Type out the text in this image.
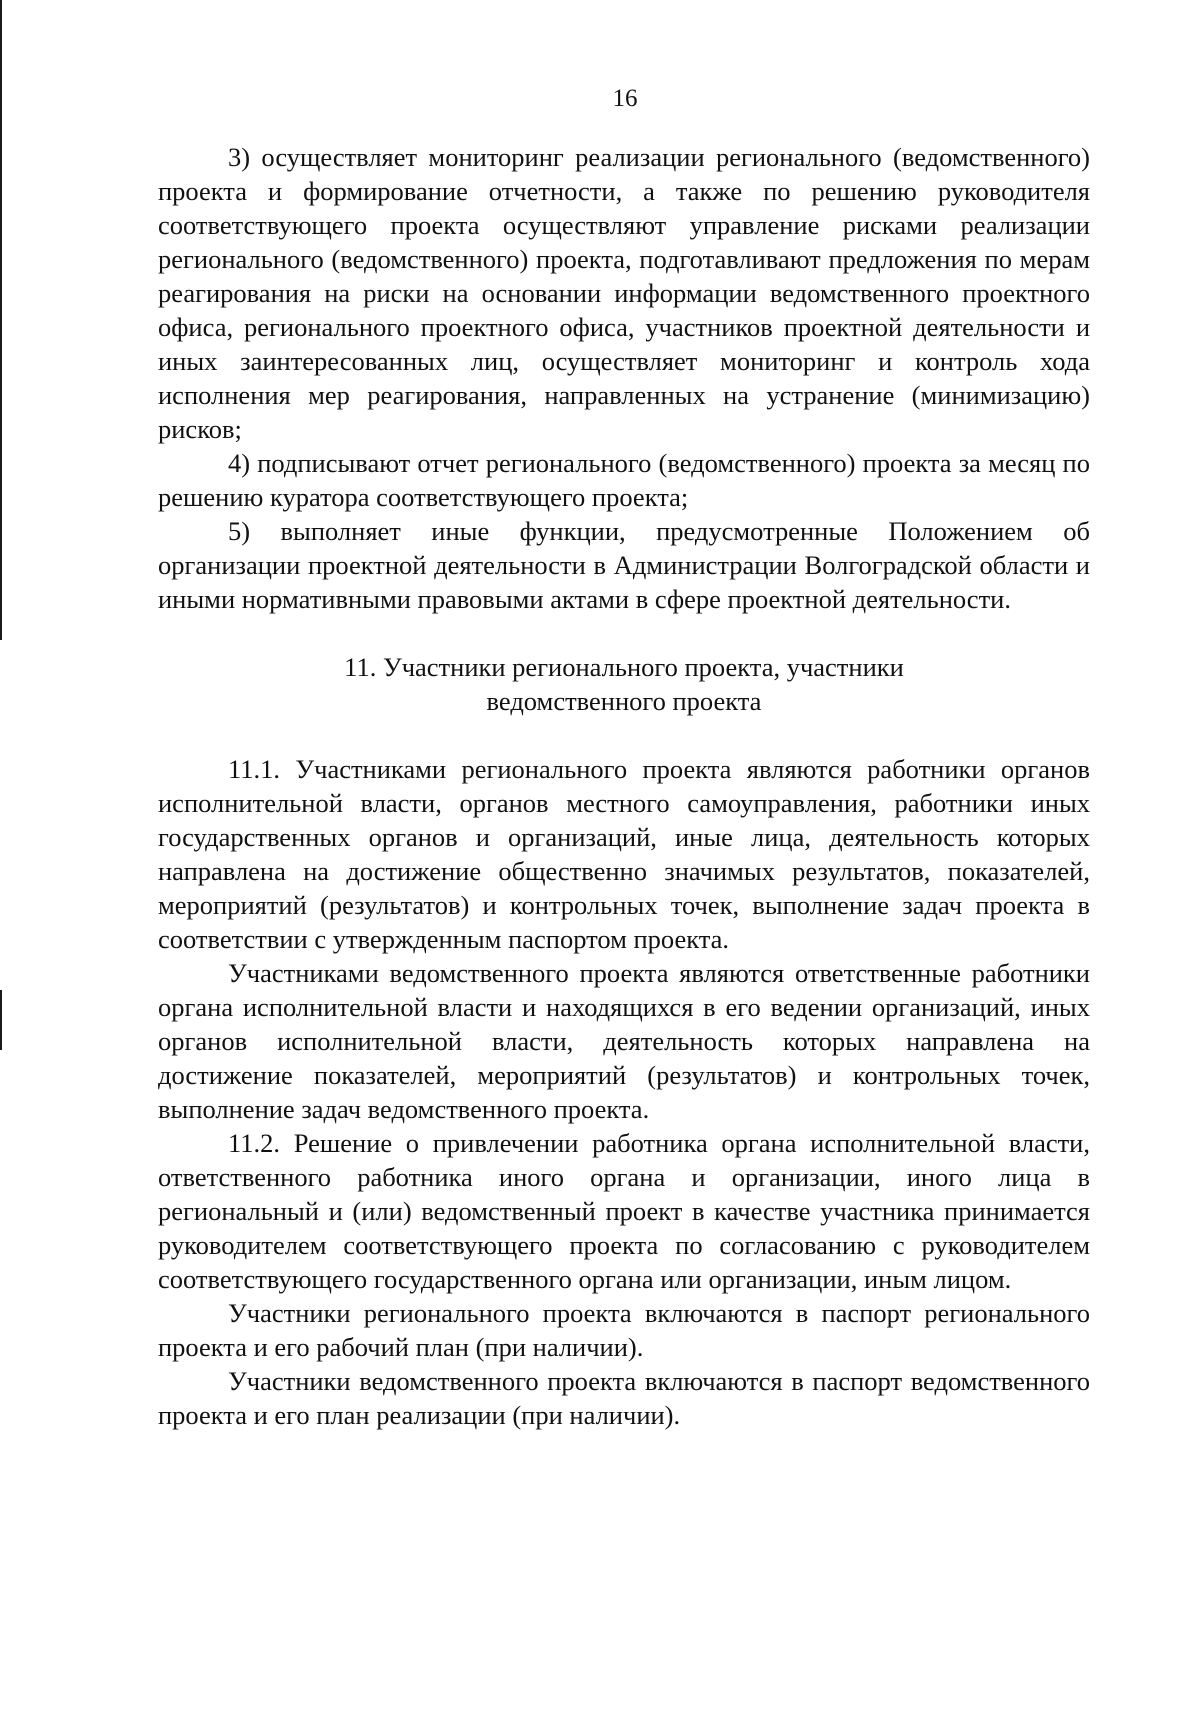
16

3) осуществляет мониторинг реализации регионального (ведомственного) проекта и формирование отчетности, а также по решению руководителя соответствующего проекта осуществляют управление рисками реализации регионального (ведомственного) проекта, подготавливают предложения по мерам реагирования на риски на основании информации ведомственного проектного офиса, регионального проектного офиса, участников проектной деятельности и иных заинтересованных лиц, осуществляет мониторинг и контроль хода исполнения мер реагирования, направленных на устранение (минимизацию) рисков;

4) подписывают отчет регионального (ведомственного) проекта за месяц по решению куратора соответствующего проекта;

5) выполняет иные функции, предусмотренные Положением об организации проектной деятельности в Администрации Волгоградской области и иными нормативными правовыми актами в сфере проектной деятельности.

11. Участники регионального проекта, участники
ведомственного проекта

11.1. Участниками регионального проекта являются работники органов исполнительной власти, органов местного самоуправления, работники иных государственных органов и организаций, иные лица, деятельность которых направлена на достижение общественно значимых результатов, показателей, мероприятий (результатов) и контрольных точек, выполнение задач проекта в соответствии с утвержденным паспортом проекта.

Участниками ведомственного проекта являются ответственные работники органа исполнительной власти и находящихся в его ведении организаций, иных органов исполнительной власти, деятельность которых направлена на достижение показателей, мероприятий (результатов) и контрольных точек, выполнение задач ведомственного проекта.

11.2. Решение о привлечении работника органа исполнительной власти, ответственного работника иного органа и организации, иного лица в региональный и (или) ведомственный проект в качестве участника принимается руководителем соответствующего проекта по согласованию с руководителем соответствующего государственного органа или организации, иным лицом.

Участники регионального проекта включаются в паспорт регионального проекта и его рабочий план (при наличии).

Участники ведомственного проекта включаются в паспорт ведомственного проекта и его план реализации (при наличии).
